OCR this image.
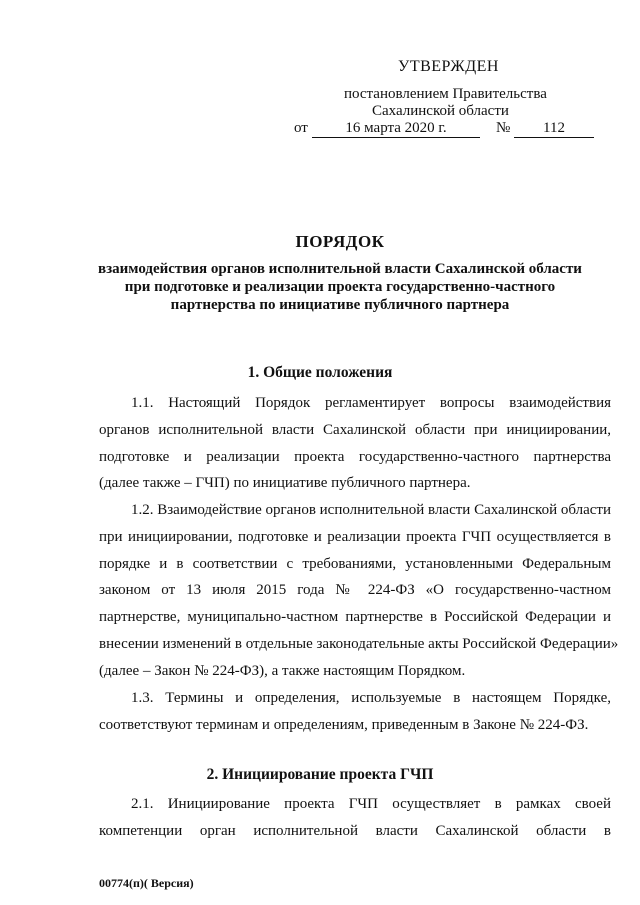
УТВЕРЖДЕН
постановлением Правительства
Сахалинской области
от	16 марта 2020 г.	№	112
ПОРЯДОК
взаимодействия органов исполнительной власти Сахалинской области
при подготовке и реализации проекта государственно-частного
партнерства по инициативе публичного партнера
1. Общие положения
1.1. Настоящий Порядок регламентирует вопросы взаимодействия
органов исполнительной власти Сахалинской области при инициировании,
подготовке и реализации проекта государственно-частного партнерства
(далее также – ГЧП) по инициативе публичного партнера.
1.2. Взаимодействие органов исполнительной власти Сахалинской области
при инициировании, подготовке и реализации проекта ГЧП осуществляется в
порядке и в соответствии с требованиями, установленными Федеральным
законом от 13 июля 2015 года № 224-ФЗ «О государственно-частном
партнерстве, муниципально-частном партнерстве в Российской Федерации и
внесении изменений в отдельные законодательные акты Российской Федерации»
(далее – Закон № 224-ФЗ), а также настоящим Порядком.
1.3. Термины и определения, используемые в настоящем Порядке,
соответствуют терминам и определениям, приведенным в Законе № 224-ФЗ.
2. Инициирование проекта ГЧП
2.1. Инициирование проекта ГЧП осуществляет в рамках своей
компетенции орган исполнительной власти Сахалинской области в
00774(п)( Версия)
